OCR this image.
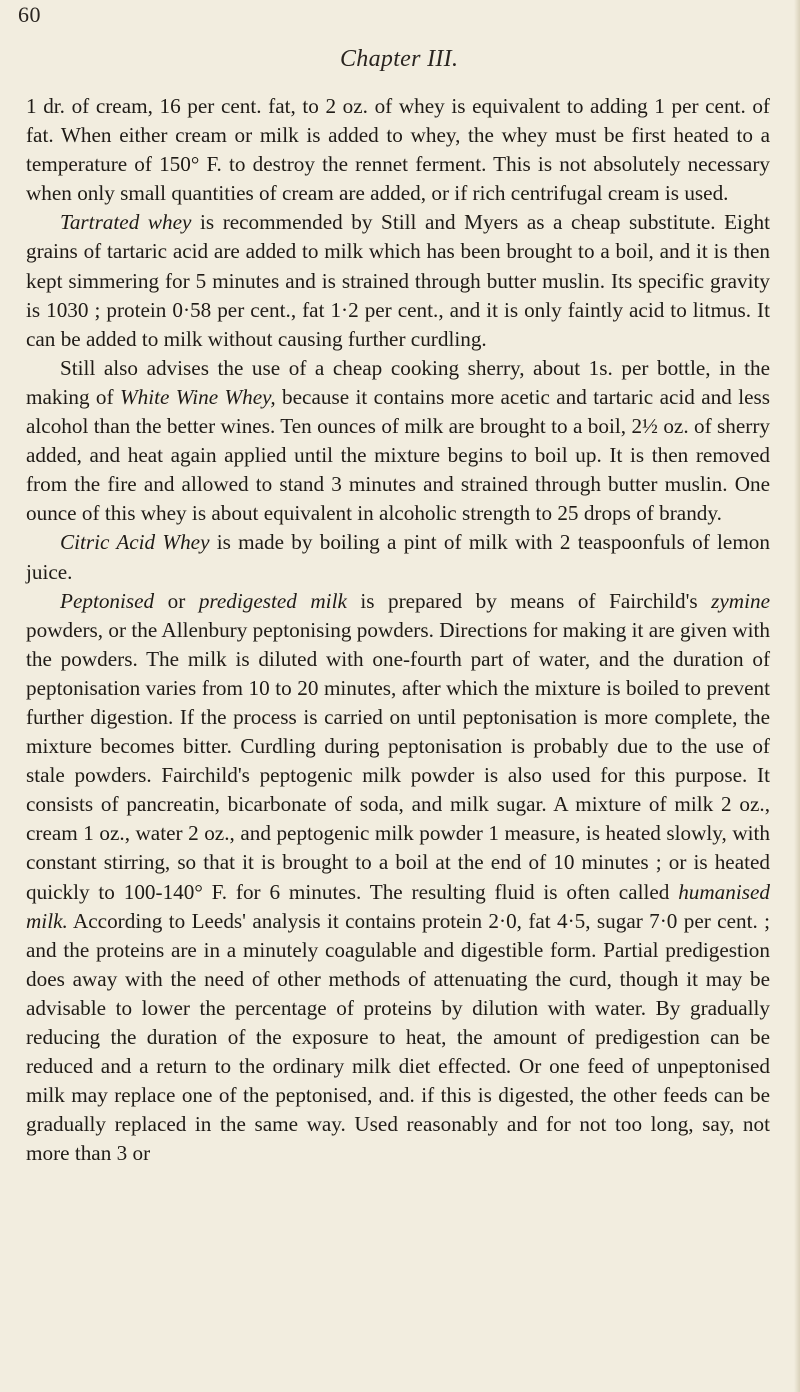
60
Chapter III.

1 dr. of cream, 16 per cent. fat, to 2 oz. of whey is equivalent to adding 1 per cent. of fat. When either cream or milk is added to whey, the whey must be first heated to a temperature of 150° F. to destroy the rennet ferment. This is not absolutely necessary when only small quantities of cream are added, or if rich centrifugal cream is used.

Tartrated whey is recommended by Still and Myers as a cheap substitute. Eight grains of tartaric acid are added to milk which has been brought to a boil, and it is then kept simmering for 5 minutes and is strained through butter muslin. Its specific gravity is 1030 ; protein 0·58 per cent., fat 1·2 per cent., and it is only faintly acid to litmus. It can be added to milk without causing further curdling.

Still also advises the use of a cheap cooking sherry, about 1s. per bottle, in the making of White Wine Whey, because it contains more acetic and tartaric acid and less alcohol than the better wines. Ten ounces of milk are brought to a boil, 2½ oz. of sherry added, and heat again applied until the mixture begins to boil up. It is then removed from the fire and allowed to stand 3 minutes and strained through butter muslin. One ounce of this whey is about equivalent in alcoholic strength to 25 drops of brandy.

Citric Acid Whey is made by boiling a pint of milk with 2 teaspoonfuls of lemon juice.

Peptonised or predigested milk is prepared by means of Fairchild's zymine powders, or the Allenbury peptonising powders. Directions for making it are given with the powders. The milk is diluted with one-fourth part of water, and the duration of peptonisation varies from 10 to 20 minutes, after which the mixture is boiled to prevent further digestion. If the process is carried on until peptonisation is more complete, the mixture becomes bitter. Curdling during peptonisation is probably due to the use of stale powders. Fairchild's peptogenic milk powder is also used for this purpose. It consists of pancreatin, bicarbonate of soda, and milk sugar. A mixture of milk 2 oz., cream 1 oz., water 2 oz., and peptogenic milk powder 1 measure, is heated slowly, with constant stirring, so that it is brought to a boil at the end of 10 minutes ; or is heated quickly to 100-140° F. for 6 minutes. The resulting fluid is often called humanised milk. According to Leeds' analysis it contains protein 2·0, fat 4·5, sugar 7·0 per cent. ; and the proteins are in a minutely coagulable and digestible form. Partial predigestion does away with the need of other methods of attenuating the curd, though it may be advisable to lower the percentage of proteins by dilution with water. By gradually reducing the duration of the exposure to heat, the amount of predigestion can be reduced and a return to the ordinary milk diet effected. Or one feed of unpeptonised milk may replace one of the peptonised, and. if this is digested, the other feeds can be gradually replaced in the same way. Used reasonably and for not too long, say, not more than 3 or
